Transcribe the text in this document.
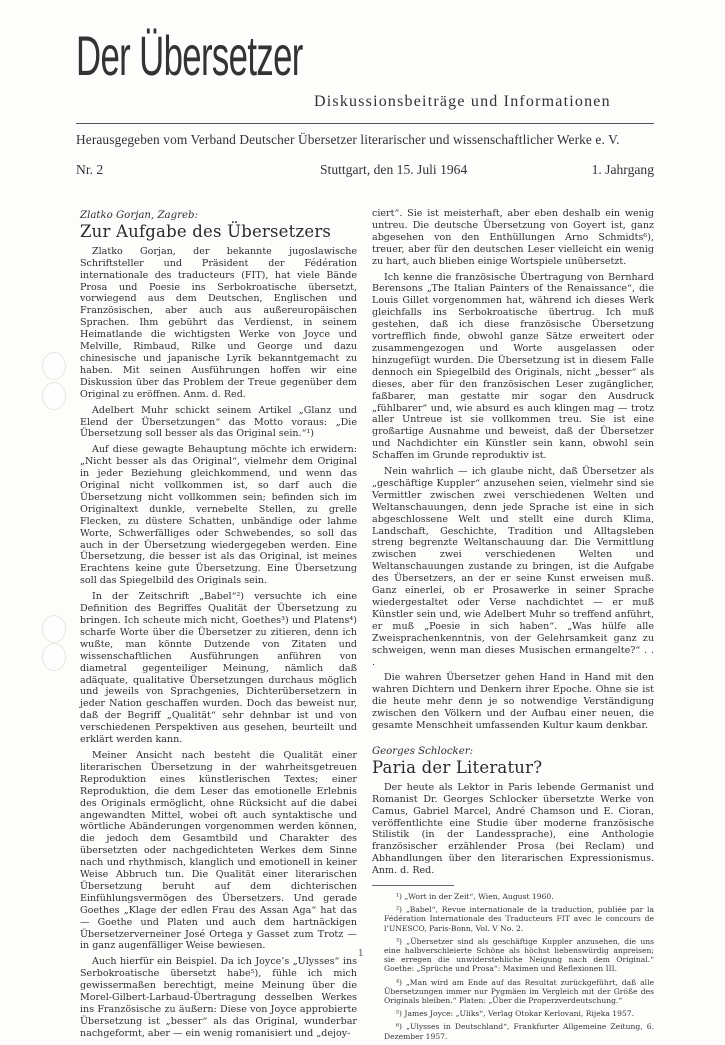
Der Übersetzer
Diskussionsbeiträge und Informationen
Herausgegeben vom Verband Deutscher Übersetzer literarischer und wissenschaftlicher Werke e. V.
Nr. 2	Stuttgart, den 15. Juli 1964	1. Jahrgang
Zlatko Gorjan, Zagreb:
Zur Aufgabe des Übersetzers

Zlatko Gorjan, der bekannte jugoslawische Schriftsteller und Präsident der Fédération internationale des traducteurs (FIT), hat viele Bände Prosa und Poesie ins Serbokroatische übersetzt, vorwiegend aus dem Deutschen, Englischen und Französischen, aber auch aus außereuropäischen Sprachen. Ihm gebührt das Verdienst, in seinem Heimatlande die wichtigsten Werke von Joyce und Melville, Rimbaud, Rilke und George und dazu chinesische und japanische Lyrik bekanntgemacht zu haben. Mit seinen Ausführungen hoffen wir eine Diskussion über das Problem der Treue gegenüber dem Original zu eröffnen. Anm. d. Red.

Adelbert Muhr schickt seinem Artikel „Glanz und Elend der Übersetzungen“ das Motto voraus: „Die Übersetzung soll besser als das Original sein.“¹)

Auf diese gewagte Behauptung möchte ich erwidern: „Nicht besser als das Original“, vielmehr dem Original in jeder Beziehung gleichkommend, und wenn das Original nicht vollkommen ist, so darf auch die Übersetzung nicht vollkommen sein; befinden sich im Originaltext dunkle, vernebelte Stellen, zu grelle Flecken, zu düstere Schatten, unbändige oder lahme Worte, Schwerfälliges oder Schwebendes, so soll das auch in der Übersetzung wiedergegeben werden. Eine Übersetzung, die besser ist als das Original, ist meines Erachtens keine gute Übersetzung. Eine Übersetzung soll das Spiegelbild des Originals sein.

In der Zeitschrift „Babel“²) versuchte ich eine Definition des Begriffes Qualität der Übersetzung zu bringen. Ich scheute mich nicht, Goethes³) und Platens⁴) scharfe Worte über die Übersetzer zu zitieren, denn ich wußte, man könnte Dutzende von Zitaten und wissenschaftlichen Ausführungen anführen von diametral gegenteiliger Meinung, nämlich daß adäquate, qualitative Übersetzungen durchaus möglich und jeweils von Sprachgenies, Dichterübersetzern in jeder Nation geschaffen wurden. Doch das beweist nur, daß der Begriff „Qualität“ sehr dehnbar ist und von verschiedenen Perspektiven aus gesehen, beurteilt und erklärt werden kann.

Meiner Ansicht nach besteht die Qualität einer literarischen Übersetzung in der wahrheitsgetreuen Reproduktion eines künstlerischen Textes; einer Reproduktion, die dem Leser das emotionelle Erlebnis des Originals ermöglicht, ohne Rücksicht auf die dabei angewandten Mittel, wobei oft auch syntaktische und wörtliche Abänderungen vorgenommen werden können, die jedoch dem Gesamtbild und Charakter des übersetzten oder nachgedichteten Werkes dem Sinne nach und rhythmisch, klanglich und emotionell in keiner Weise Abbruch tun. Die Qualität einer literarischen Übersetzung beruht auf dem dichterischen Einfühlungsvermögen des Übersetzers. Und gerade Goethes „Klage der edlen Frau des Assan Aga“ hat das — Goethe und Platen und auch dem hartnäckigen Übersetzerverneiner José Ortega y Gasset zum Trotz — in ganz augenfälliger Weise bewiesen.

Auch hierfür ein Beispiel. Da ich Joyce’s „Ulysses“ ins Serbokroatische übersetzt habe⁵), fühle ich mich gewissermaßen berechtigt, meine Meinung über die Morel-Gilbert-Larbaud-Übertragung desselben Werkes ins Französische zu äußern: Diese von Joyce approbierte Übersetzung ist „besser“ als das Original, wunderbar nachgeformt, aber — ein wenig romanisiert und „dejoy-

ciert“. Sie ist meisterhaft, aber eben deshalb ein wenig untreu. Die deutsche Übersetzung von Goyert ist, ganz abgesehen von den Enthüllungen Arno Schmidts⁶), treuer, aber für den deutschen Leser vielleicht ein wenig zu hart, auch blieben einige Wortspiele unübersetzt.

Ich kenne die französische Übertragung von Bernhard Berensons „The Italian Painters of the Renaissance“, die Louis Gillet vorgenommen hat, während ich dieses Werk gleichfalls ins Serbokroatische übertrug. Ich muß gestehen, daß ich diese französische Übersetzung vortrefflich finde, obwohl ganze Sätze erweitert oder zusammengezogen und Worte ausgelassen oder hinzugefügt wurden. Die Übersetzung ist in diesem Falle dennoch ein Spiegelbild des Originals, nicht „besser“ als dieses, aber für den französischen Leser zugänglicher, faßbarer, man gestatte mir sogar den Ausdruck „fühlbarer“ und, wie absurd es auch klingen mag — trotz aller Untreue ist sie vollkommen treu. Sie ist eine großartige Ausnahme und beweist, daß der Übersetzer und Nachdichter ein Künstler sein kann, obwohl sein Schaffen im Grunde reproduktiv ist.

Nein wahrlich — ich glaube nicht, daß Übersetzer als „geschäftige Kuppler“ anzusehen seien, vielmehr sind sie Vermittler zwischen zwei verschiedenen Welten und Weltanschauungen, denn jede Sprache ist eine in sich abgeschlossene Welt und stellt eine durch Klima, Landschaft, Geschichte, Tradition und Alltagsleben streng begrenzte Weltanschauung dar. Die Vermittlung zwischen zwei verschiedenen Welten und Weltanschauungen zustande zu bringen, ist die Aufgabe des Übersetzers, an der er seine Kunst erweisen muß. Ganz einerlei, ob er Prosawerke in seiner Sprache wiedergestaltet oder Verse nachdichtet — er muß Künstler sein und, wie Adelbert Muhr so treffend anführt, er muß „Poesie in sich haben“. „Was hülfe alle Zweisprachenkenntnis, von der Gelehrsamkeit ganz zu schweigen, wenn man dieses Musischen ermangelte?“ . . .

Die wahren Übersetzer gehen Hand in Hand mit den wahren Dichtern und Denkern ihrer Epoche. Ohne sie ist die heute mehr denn je so notwendige Verständigung zwischen den Völkern und der Aufbau einer neuen, die gesamte Menschheit umfassenden Kultur kaum denkbar.

Georges Schlocker:
Paria der Literatur?

Der heute als Lektor in Paris lebende Germanist und Romanist Dr. Georges Schlocker übersetzte Werke von Camus, Gabriel Marcel, André Chamson und E. Cioran, veröffentlichte eine Studie über moderne französische Stilistik (in der Landessprache), eine Anthologie französischer erzählender Prosa (bei Reclam) und Abhandlungen über den literarischen Expressionismus. Anm. d. Red.

¹) „Wort in der Zeit“, Wien, August 1960.

²) „Babel“, Revue internationale de la traduction, publiée par la Fédération Internationale des Traducteurs FIT avec le concours de l’UNESCO, Paris-Bonn, Vol. V No. 2.

³) „Übersetzer sind als geschäftige Kuppler anzusehen, die uns eine halbverschleierte Schöne als höchst liebenswürdig anpreisen; sie erregen die unwiderstehliche Neigung nach dem Original.“ Goethe: „Sprüche und Prosa“: Maximen und Reflexionen III.

⁴) „Man wird am Ende auf das Resultat zurückgeführt, daß alle Übersetzungen immer nur Pygmäen im Vergleich mit der Größe des Originals bleiben.“ Platen: „Über die Properzverdeutschung.“

⁵) James Joyce: „Uliks“, Verlag Otokar Kerlovani, Rijeka 1957.

⁶) „Ulysses in Deutschland“, Frankfurter Allgemeine Zeitung, 6. Dezember 1957.

1
